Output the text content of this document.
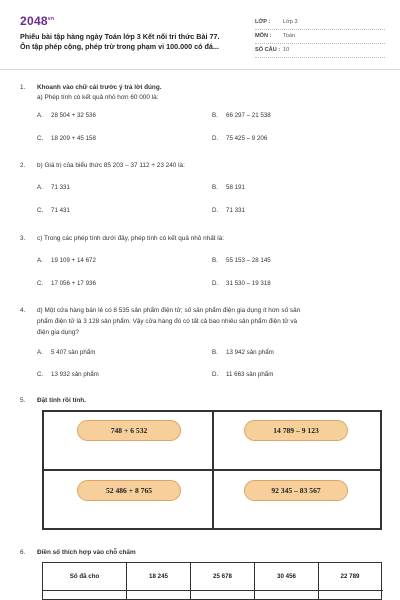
$2048^{vn}$
Phiếu bài tập hàng ngày Toán lớp 3 Kết nối tri thức Bài 77.
Ôn tập phép cộng, phép trừ trong phạm vi 100.000 có đá...
LỚP : Lớp 3
MÔN : Toán
SỐ CÂU : 10
1. Khoanh vào chữ cái trước ý trả lời đúng.
a) Phép tính có kết quả nhỏ hơn 60 000 là:
A. 28 504 + 32 536	B. 66 297 – 21 538
C. 18 209 + 45 158	D. 75 425 – 9 206
2. b) Giá trị của biểu thức 85 203 – 37 112 + 23 240 là:
A. 71 331	B. 58 191
C. 71 431	D. 71 331
3. c) Trong các phép tính dưới đây, phép tính có kết quả nhỏ nhất là:
A. 19 109 + 14 672	B. 55 153 – 28 145
C. 17 056 + 17 936	D. 31 530 – 19 318
4. d) Một cửa hàng bán lẻ có 8 535 sản phẩm điện tử; số sản phẩm điện gia dụng ít hơn số sản
phẩm điện tử là 3 128 sản phẩm. Vậy cửa hàng đó có tất cả bao nhiêu sản phẩm điện tử và
điện gia dụng?
A. 5 407 sản phẩm	B. 13 942 sản phẩm
C. 13 932 sản phẩm	D. 11 663 sản phẩm
5. Đặt tính rồi tính.
748 + 6 532	14 789 – 9 123
52 486 + 8 765	92 345 – 83 567
6. Điền số thích hợp vào chỗ chấm
Số đã cho	18 245	25 678	30 456	22 789
